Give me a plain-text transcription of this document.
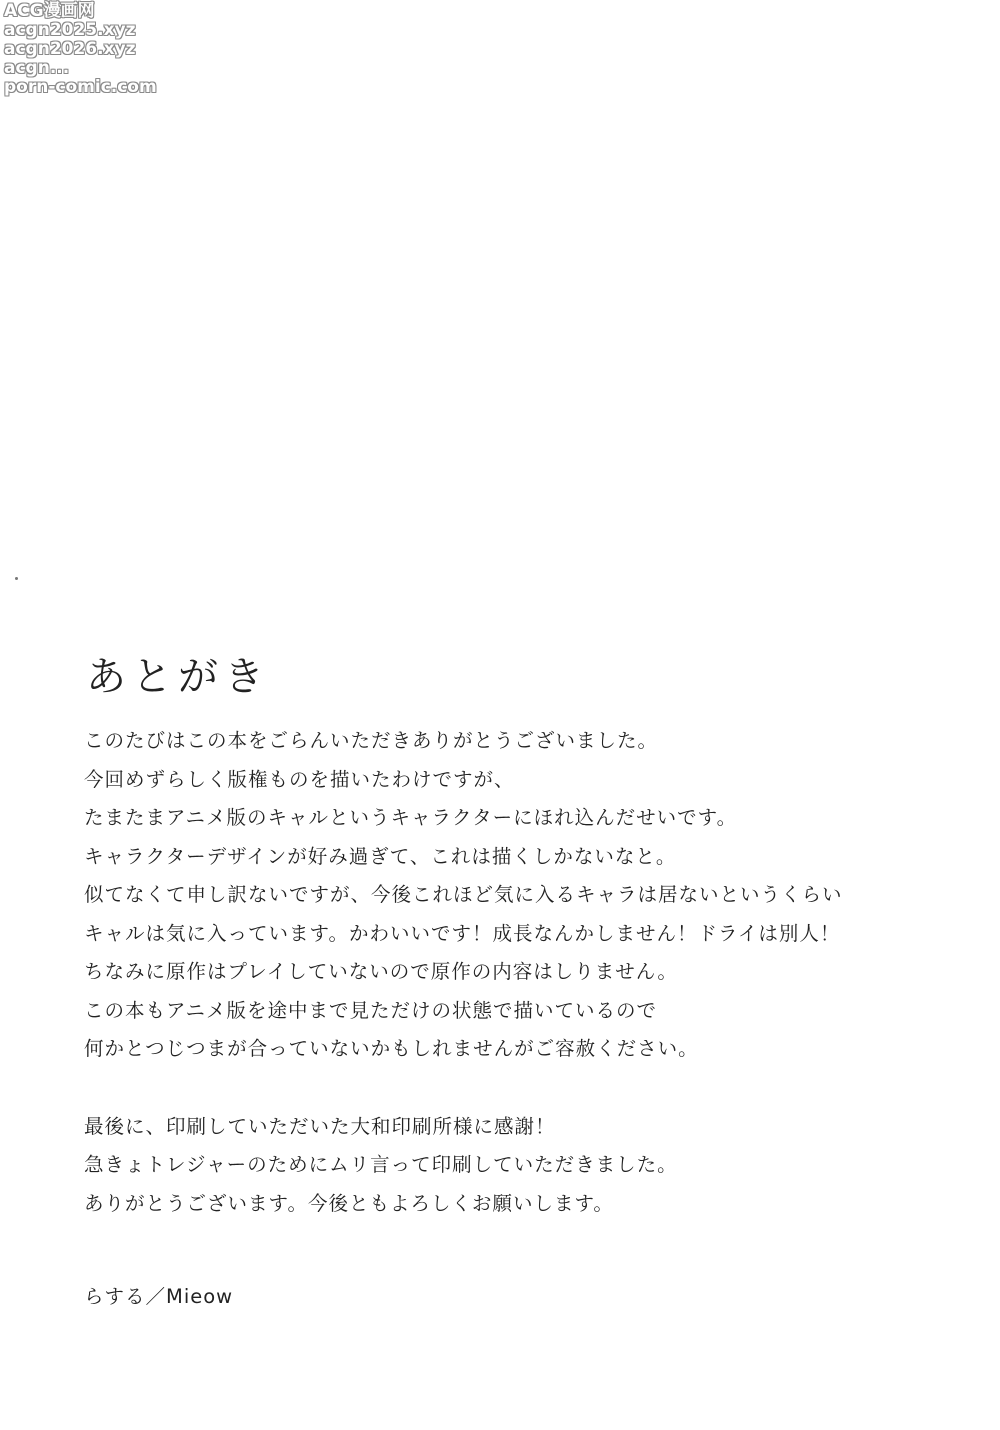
ACG漫画网
acgn2025.xyz
acgn2026.xyz
acgn...
porn-comic.com
あとがき
このたびはこの本をごらんいただきありがとうございました。
今回めずらしく版権ものを描いたわけですが、
たまたまアニメ版のキャルというキャラクターにほれ込んだせいです。
キャラクターデザインが好み過ぎて、これは描くしかないなと。
似てなくて申し訳ないですが、今後これほど気に入るキャラは居ないというくらい
キャルは気に入っています。かわいいです！成長なんかしません！ドライは別人！
ちなみに原作はプレイしていないので原作の内容はしりません。
この本もアニメ版を途中まで見ただけの状態で描いているので
何かとつじつまが合っていないかもしれませんがご容赦ください。
最後に、印刷していただいた大和印刷所様に感謝！
急きょトレジャーのためにムリ言って印刷していただきました。
ありがとうございます。今後ともよろしくお願いします。
らする／Mieow
